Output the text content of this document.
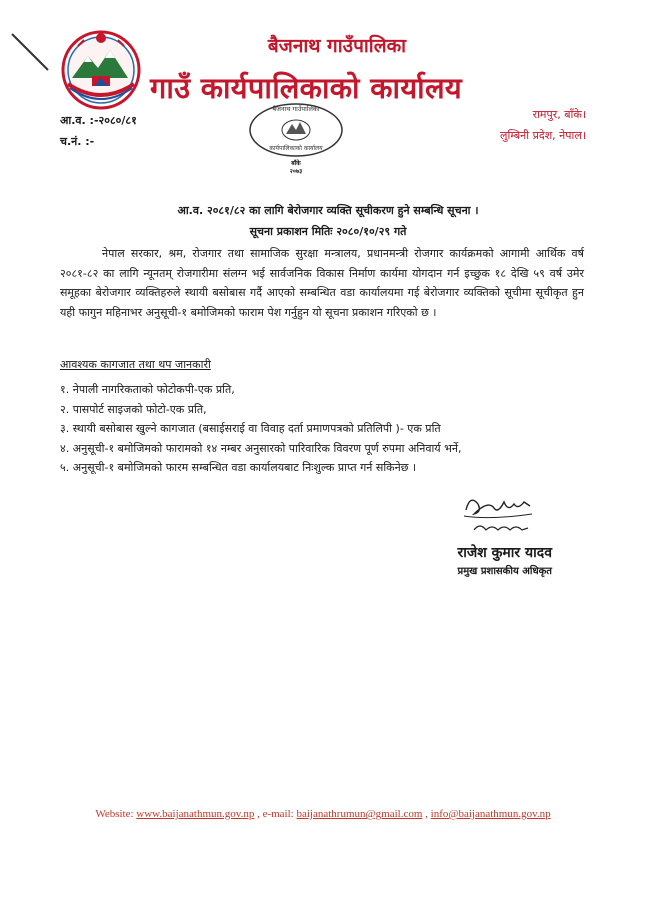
बैजनाथ गाउँपालिका
गाउँ कार्यपालिकाको कार्यालय
आ.व. :-२०८०/८१
च.नं. :-
रामपुर, बाँके।
लुम्बिनी प्रदेश, नेपाल।
बैजनाथ गाउँपालिका
कार्यपालिकाको कार्यालय
बाँके
२०७३
आ.व. २०८१/८२ का लागि बेरोजगार व्यक्ति सूचीकरण हुने सम्बन्धि सूचना ।
सूचना प्रकाशन मितिः २०८०/१०/२९ गते
नेपाल सरकार, श्रम, रोजगार तथा सामाजिक सुरक्षा मन्त्रालय, प्रधानमन्त्री रोजगार कार्यक्रमको आगामी आर्थिक वर्ष २०८१-८२ का लागि न्यूनतम् रोजगारीमा संलग्न भई सार्वजनिक विकास निर्माण कार्यमा योगदान गर्न इच्छुक १८ देखि ५९ वर्ष उमेर समूहका बेरोजगार व्यक्तिहरुले स्थायी बसोबास गर्दै आएको सम्बन्धित वडा कार्यालयमा गई बेरोजगार व्यक्तिको सूचीमा सूचीकृत हुन यही फागुन महिनाभर अनुसूची-१ बमोजिमको फाराम पेश गर्नुहुन यो सूचना प्रकाशन गरिएको छ ।
आवश्यक कागजात तथा थप जानकारी
१. नेपाली नागरिकताको फोटोकपी-एक प्रति,
२. पासपोर्ट साइजको फोटो-एक प्रति,
३. स्थायी बसोबास खुल्ने कागजात (बसाईसराई वा विवाह दर्ता प्रमाणपत्रको प्रतिलिपी )- एक प्रति
४. अनुसूची-१ बमोजिमको फारामको १४ नम्बर अनुसारको पारिवारिक विवरण पूर्ण रुपमा अनिवार्य भर्ने,
५. अनुसूची-१ बमोजिमको फारम सम्बन्धित वडा कार्यालयबाट निःशुल्क प्राप्त गर्न सकिनेछ ।
राजेश कुमार यादव
प्रमुख प्रशासकीय अधिकृत
Website: www.baijanathmun.gov.np , e-mail: baijanathrumun@gmail.com , info@baijanathmun.gov.np
